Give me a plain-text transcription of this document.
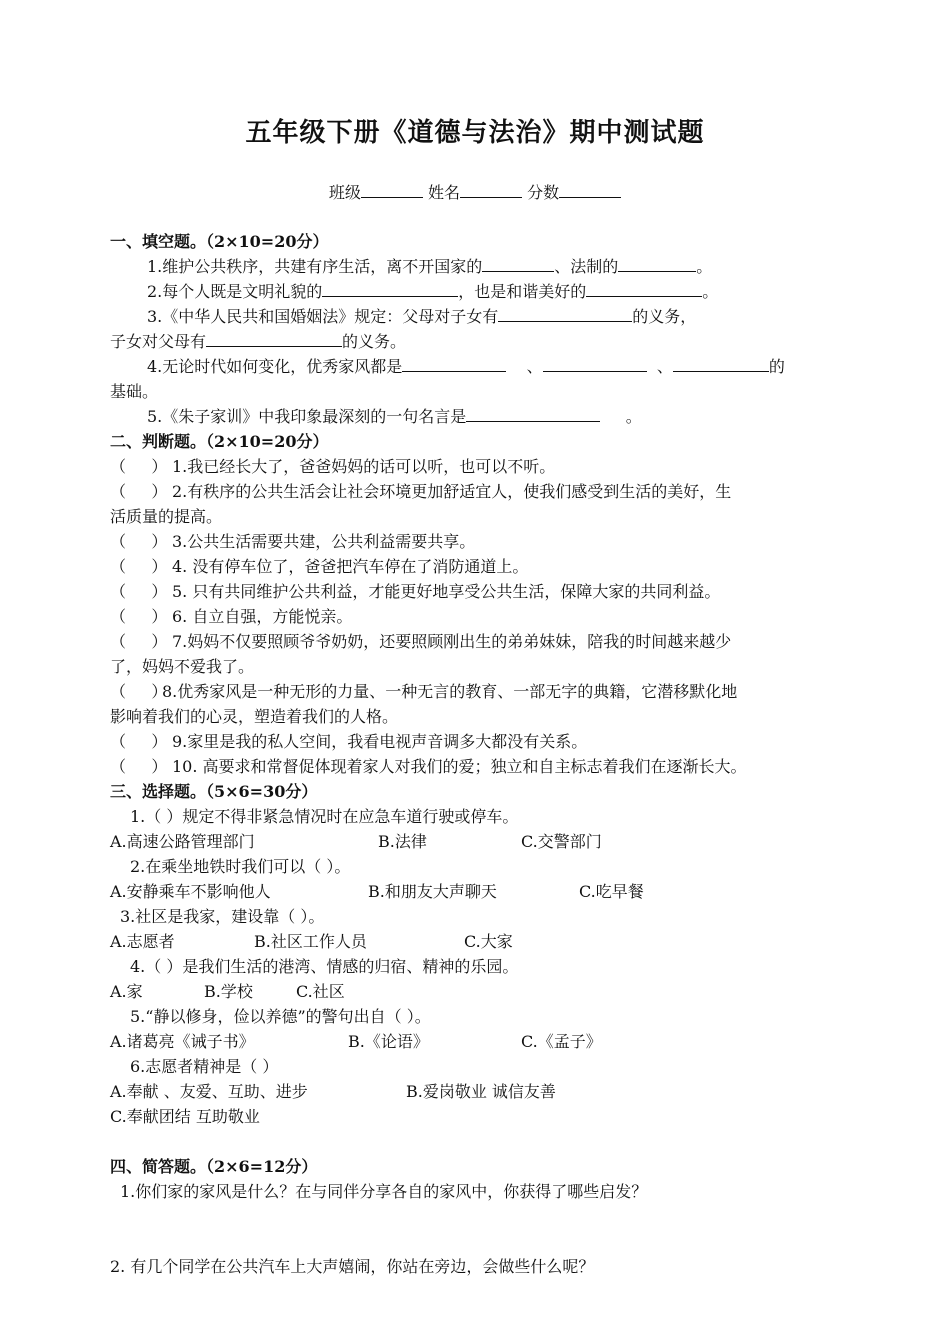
五年级下册《道德与法治》期中测试题
班级	姓名	分数
一、填空题。（2×10=20分）
1.维护公共秩序，共建有序生活，离不开国家的	、法制的	。
2.每个人既是文明礼貌的	，也是和谐美好的	。
3.《中华人民共和国婚姻法》规定：父母对子女有	的义务，
子女对父母有	的义务。
4.无论时代如何变化，优秀家风都是	、	、	的
基础。
5.《朱子家训》中我印象最深刻的一句名言是	。
二、判断题。（2×10=20分）
（     ） 1.我已经长大了，爸爸妈妈的话可以听，也可以不听。
（     ） 2.有秩序的公共生活会让社会环境更加舒适宜人，使我们感受到生活的美好，生
活质量的提高。
（     ） 3.公共生活需要共建，公共利益需要共享。
（     ） 4. 没有停车位了，爸爸把汽车停在了消防通道上。
（     ） 5. 只有共同维护公共利益，才能更好地享受公共生活，保障大家的共同利益。
（     ） 6. 自立自强，方能悦亲。
（     ） 7.妈妈不仅要照顾爷爷奶奶，还要照顾刚出生的弟弟妹妹，陪我的时间越来越少
了，妈妈不爱我了。
（     ）8.优秀家风是一种无形的力量、一种无言的教育、一部无字的典籍，它潜移默化地
影响着我们的心灵，塑造着我们的人格。
（     ） 9.家里是我的私人空间，我看电视声音调多大都没有关系。
（     ） 10. 高要求和常督促体现着家人对我们的爱；独立和自主标志着我们在逐渐长大。
三、选择题。（5×6=30分）
1.（ ）规定不得非紧急情况时在应急车道行驶或停车。
A.高速公路管理部门	B.法律	C.交警部门
2.在乘坐地铁时我们可以（ ）。
A.安静乘车不影响他人	B.和朋友大声聊天	C.吃早餐
3.社区是我家，建设靠（ ）。
A.志愿者	B.社区工作人员	C.大家
4.（ ）是我们生活的港湾、情感的归宿、精神的乐园。
A.家	B.学校	C.社区
5.“静以修身，俭以养德”的警句出自（ ）。
A.诸葛亮《诫子书》	B.《论语》	C.《孟子》
6.志愿者精神是（ ）
A.奉献 、友爱、互助、进步	B.爱岗敬业 诚信友善
C.奉献团结 互助敬业
四、简答题。（2×6=12分）
1.你们家的家风是什么？在与同伴分享各自的家风中，你获得了哪些启发？
2. 有几个同学在公共汽车上大声嬉闹，你站在旁边，会做些什么呢？
